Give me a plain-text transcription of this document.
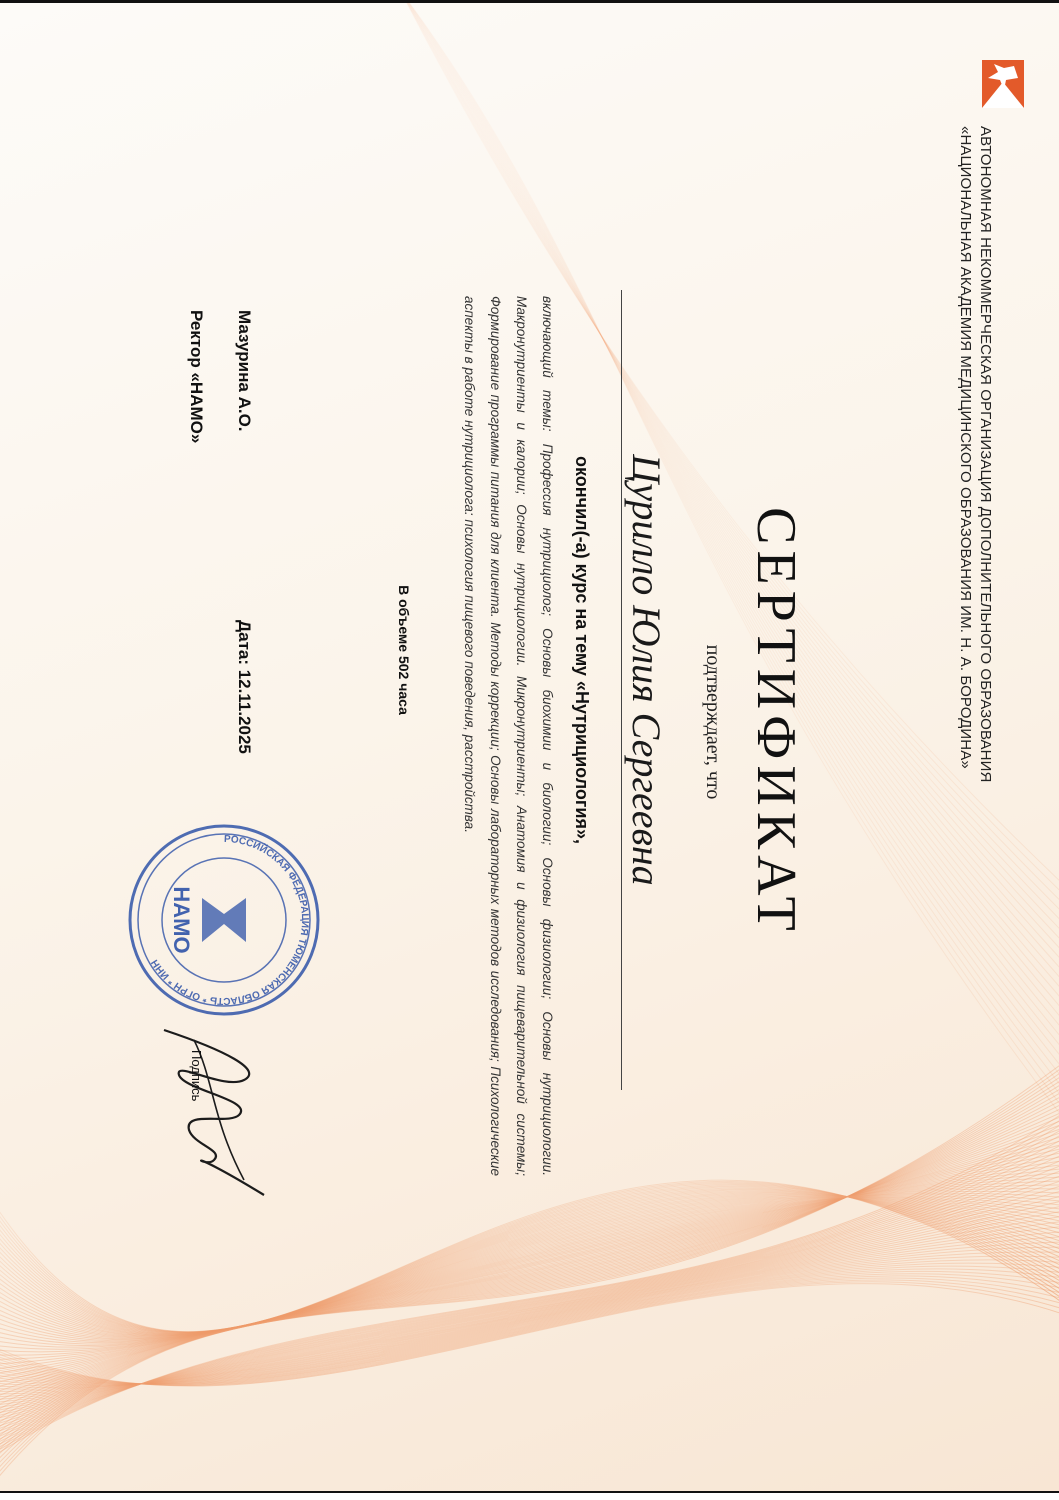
АВТОНОМНАЯ НЕКОММЕРЧЕСКАЯ ОРГАНИЗАЦИЯ ДОПОЛНИТЕЛЬНОГО ОБРАЗОВАНИЯ
«НАЦИОНАЛЬНАЯ АКАДЕМИЯ МЕДИЦИНСКОГО ОБРАЗОВАНИЯ ИМ. Н. А. БОРОДИНА»
СЕРТИФИКАТ
подтверждает, что
Цуриллo Юлия Сергеевна
окончил(-а) курс на тему «Нутрициология»,
включающий темы: Профессия нутрициолог; Основы биохимии и биологии; Основы физиологии; Основы нутрициологии. Макронутриенты и калории; Основы нутрициологии. Микронутриенты; Анатомия и физиология пищеварительной системы; Формирование программы питания для клиента. Методы коррекции; Основы лабораторных методов исследования; Психологические аспекты в работе нутрициолога: психология пищевого поведения, расстройства.
В объеме 502 часа
Мазурина А.О.
Ректор «НАМО»
Дата: 12.11.2025
РОССИЙСКАЯ ФЕДЕРАЦИЯ ТЮМЕНСКАЯ ОБЛАСТЬ * ОГРН * ИНН
НАМО
Подпись
